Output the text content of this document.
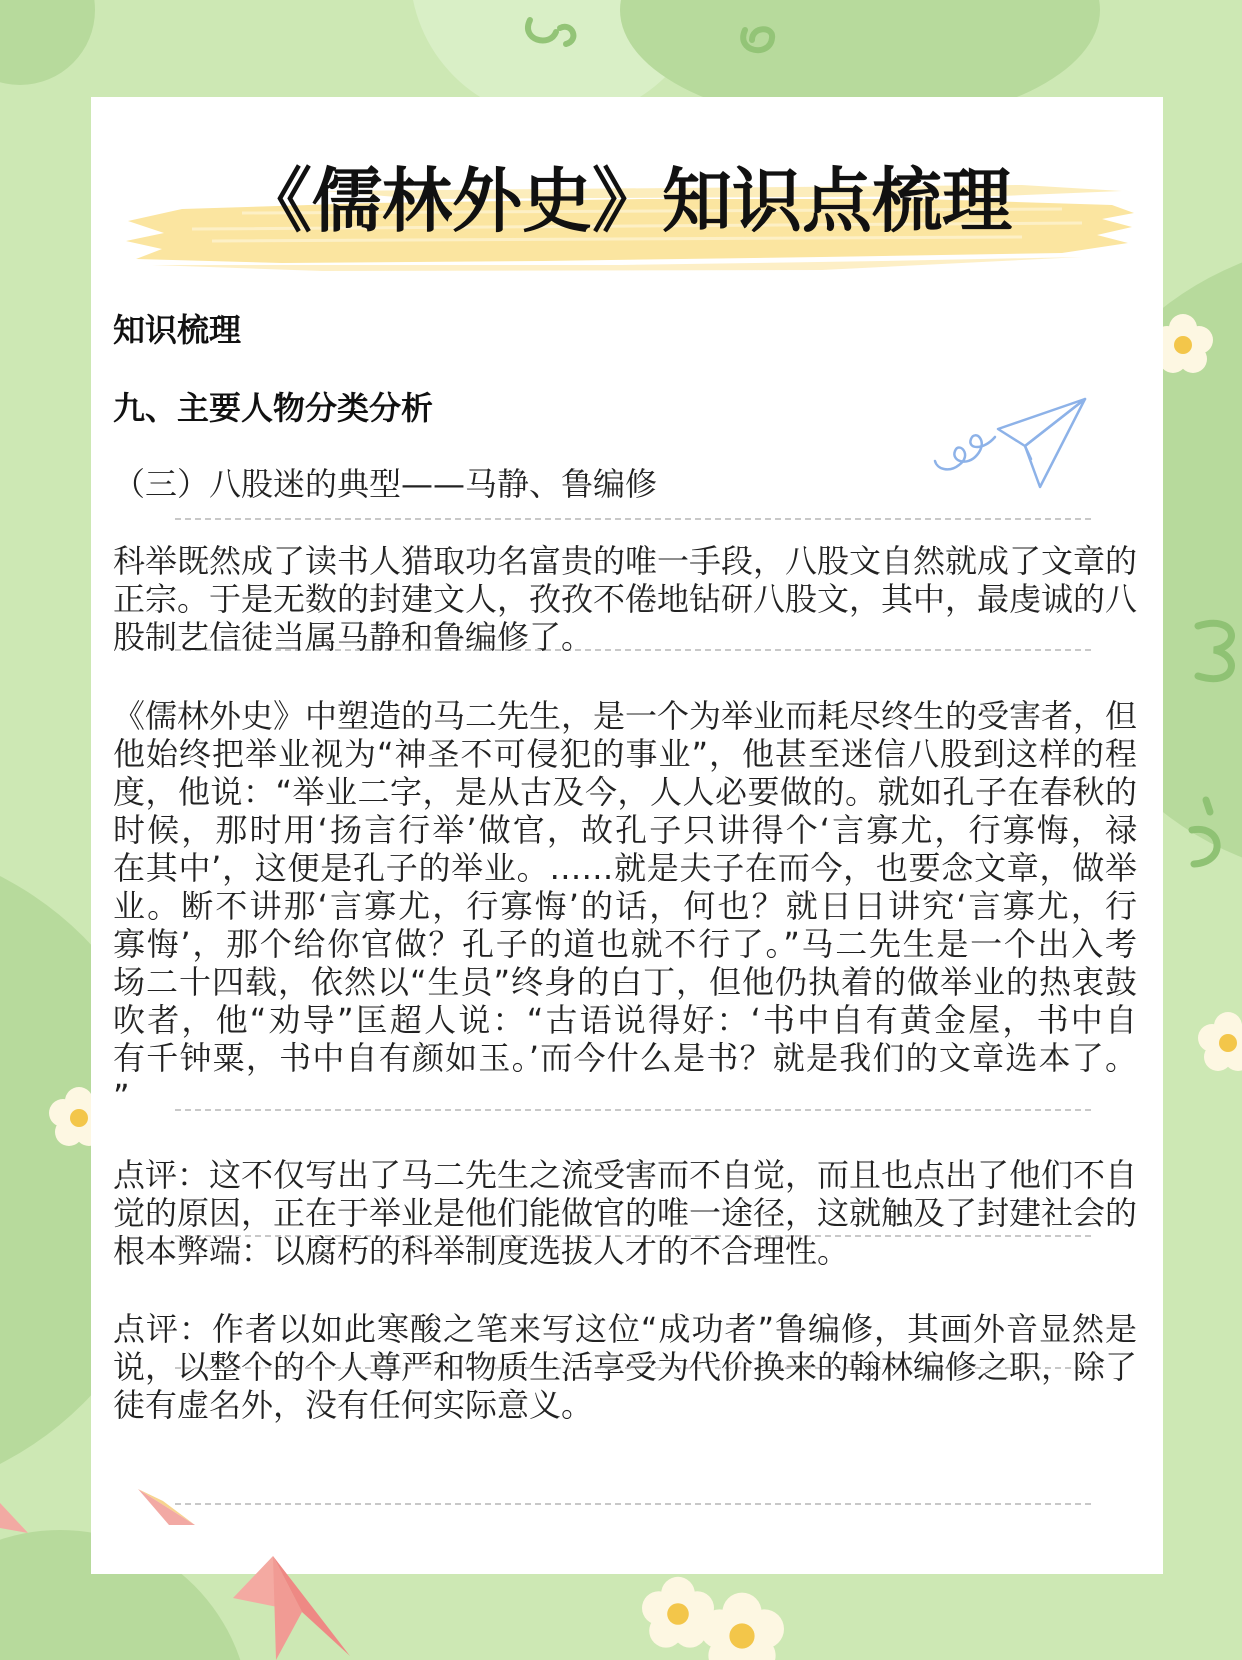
《儒林外史》知识点梳理
知识梳理
九、主要人物分类分析
（三）八股迷的典型——马静、鲁编修
科举既然成了读书人猎取功名富贵的唯一手段，八股文自然就成了文章的
正宗。于是无数的封建文人，孜孜不倦地钻研八股文，其中，最虔诚的八
股制艺信徒当属马静和鲁编修了。
《儒林外史》中塑造的马二先生，是一个为举业而耗尽终生的受害者，但
他始终把举业视为“神圣不可侵犯的事业”，他甚至迷信八股到这样的程
度，他说：“举业二字，是从古及今，人人必要做的。就如孔子在春秋的
时候，那时用‘扬言行举’做官，故孔子只讲得个‘言寡尤，行寡悔，禄
在其中’，这便是孔子的举业。……就是夫子在而今，也要念文章，做举
业。断不讲那‘言寡尤，行寡悔’的话，何也？就日日讲究‘言寡尤，行
寡悔’，那个给你官做？孔子的道也就不行了。”马二先生是一个出入考
场二十四载，依然以“生员”终身的白丁，但他仍执着的做举业的热衷鼓
吹者，他“劝导”匡超人说：“古语说得好：‘书中自有黄金屋，书中自
有千钟粟，书中自有颜如玉。’而今什么是书？就是我们的文章选本了。
”
点评：这不仅写出了马二先生之流受害而不自觉，而且也点出了他们不自
觉的原因，正在于举业是他们能做官的唯一途径，这就触及了封建社会的
根本弊端：以腐朽的科举制度选拔人才的不合理性。
点评：作者以如此寒酸之笔来写这位“成功者”鲁编修，其画外音显然是
说，以整个的个人尊严和物质生活享受为代价换来的翰林编修之职，除了
徒有虚名外，没有任何实际意义。
